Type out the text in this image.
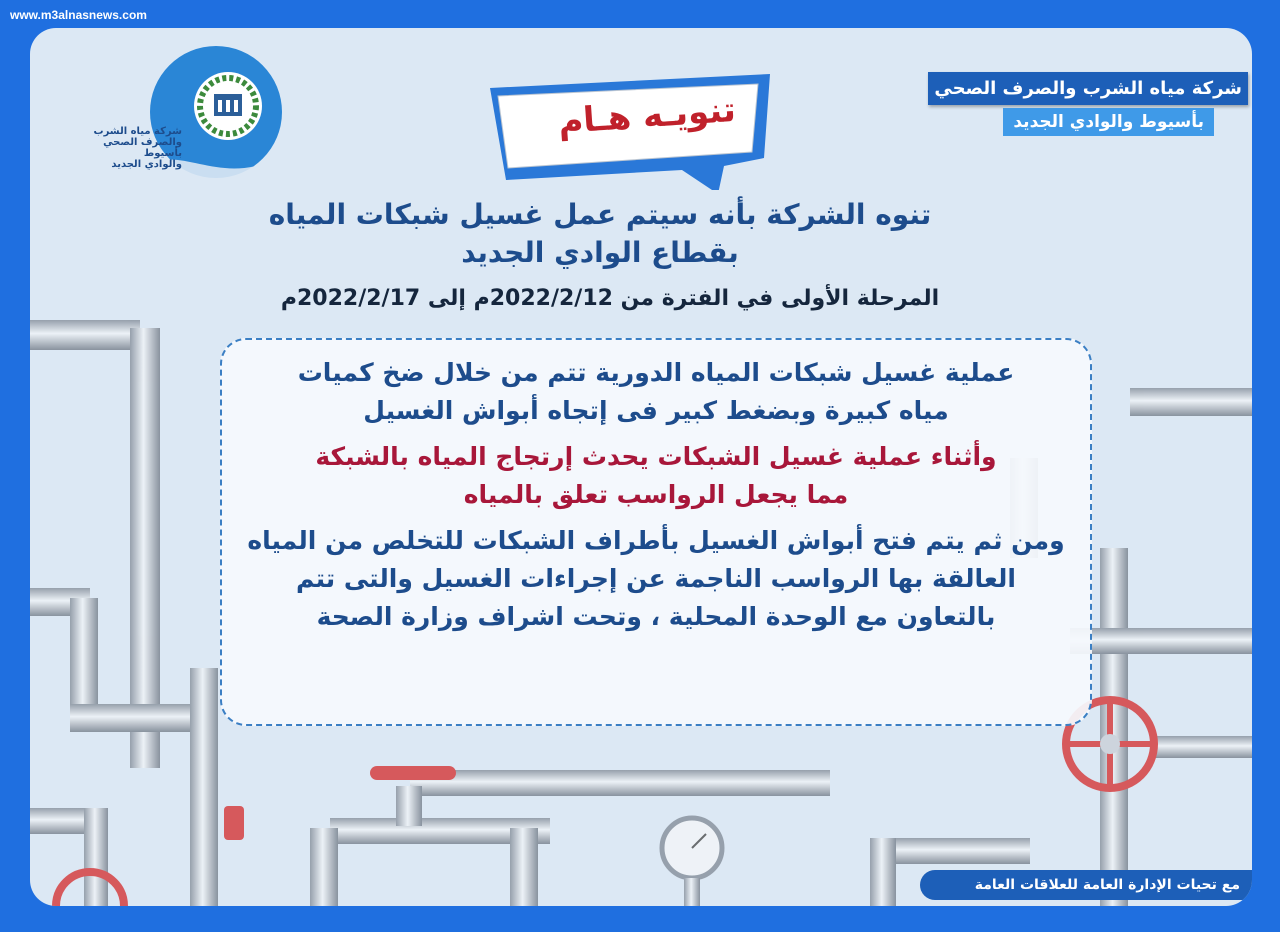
www.m3alnasnews.com
شركة مياه الشرب
والصرف الصحي بأسيوط
والوادي الجديد
شركة مياه الشرب والصرف الصحي
بأسيوط والوادي الجديد
تنويـه هـام
تنوه الشركة بأنه سيتم عمل غسيل شبكات المياه
بقطاع الوادي الجديد
المرحلة الأولى في الفترة من 2022/2/12م إلى 2022/2/17م

عملية غسيل شبكات المياه الدورية تتم من خلال ضخ كميات
مياه كبيرة وبضغط كبير فى إتجاه أبواش الغسيل

وأثناء عملية غسيل الشبكات يحدث إرتجاج المياه بالشبكة
مما يجعل الرواسب تعلق بالمياه

ومن ثم يتم فتح أبواش الغسيل بأطراف الشبكات للتخلص من المياه
العالقة بها الرواسب الناجمة عن إجراءات الغسيل والتى تتم
بالتعاون مع الوحدة المحلية ، وتحت اشراف وزارة الصحة

مع تحيات الإدارة العامة للعلاقات العامة
